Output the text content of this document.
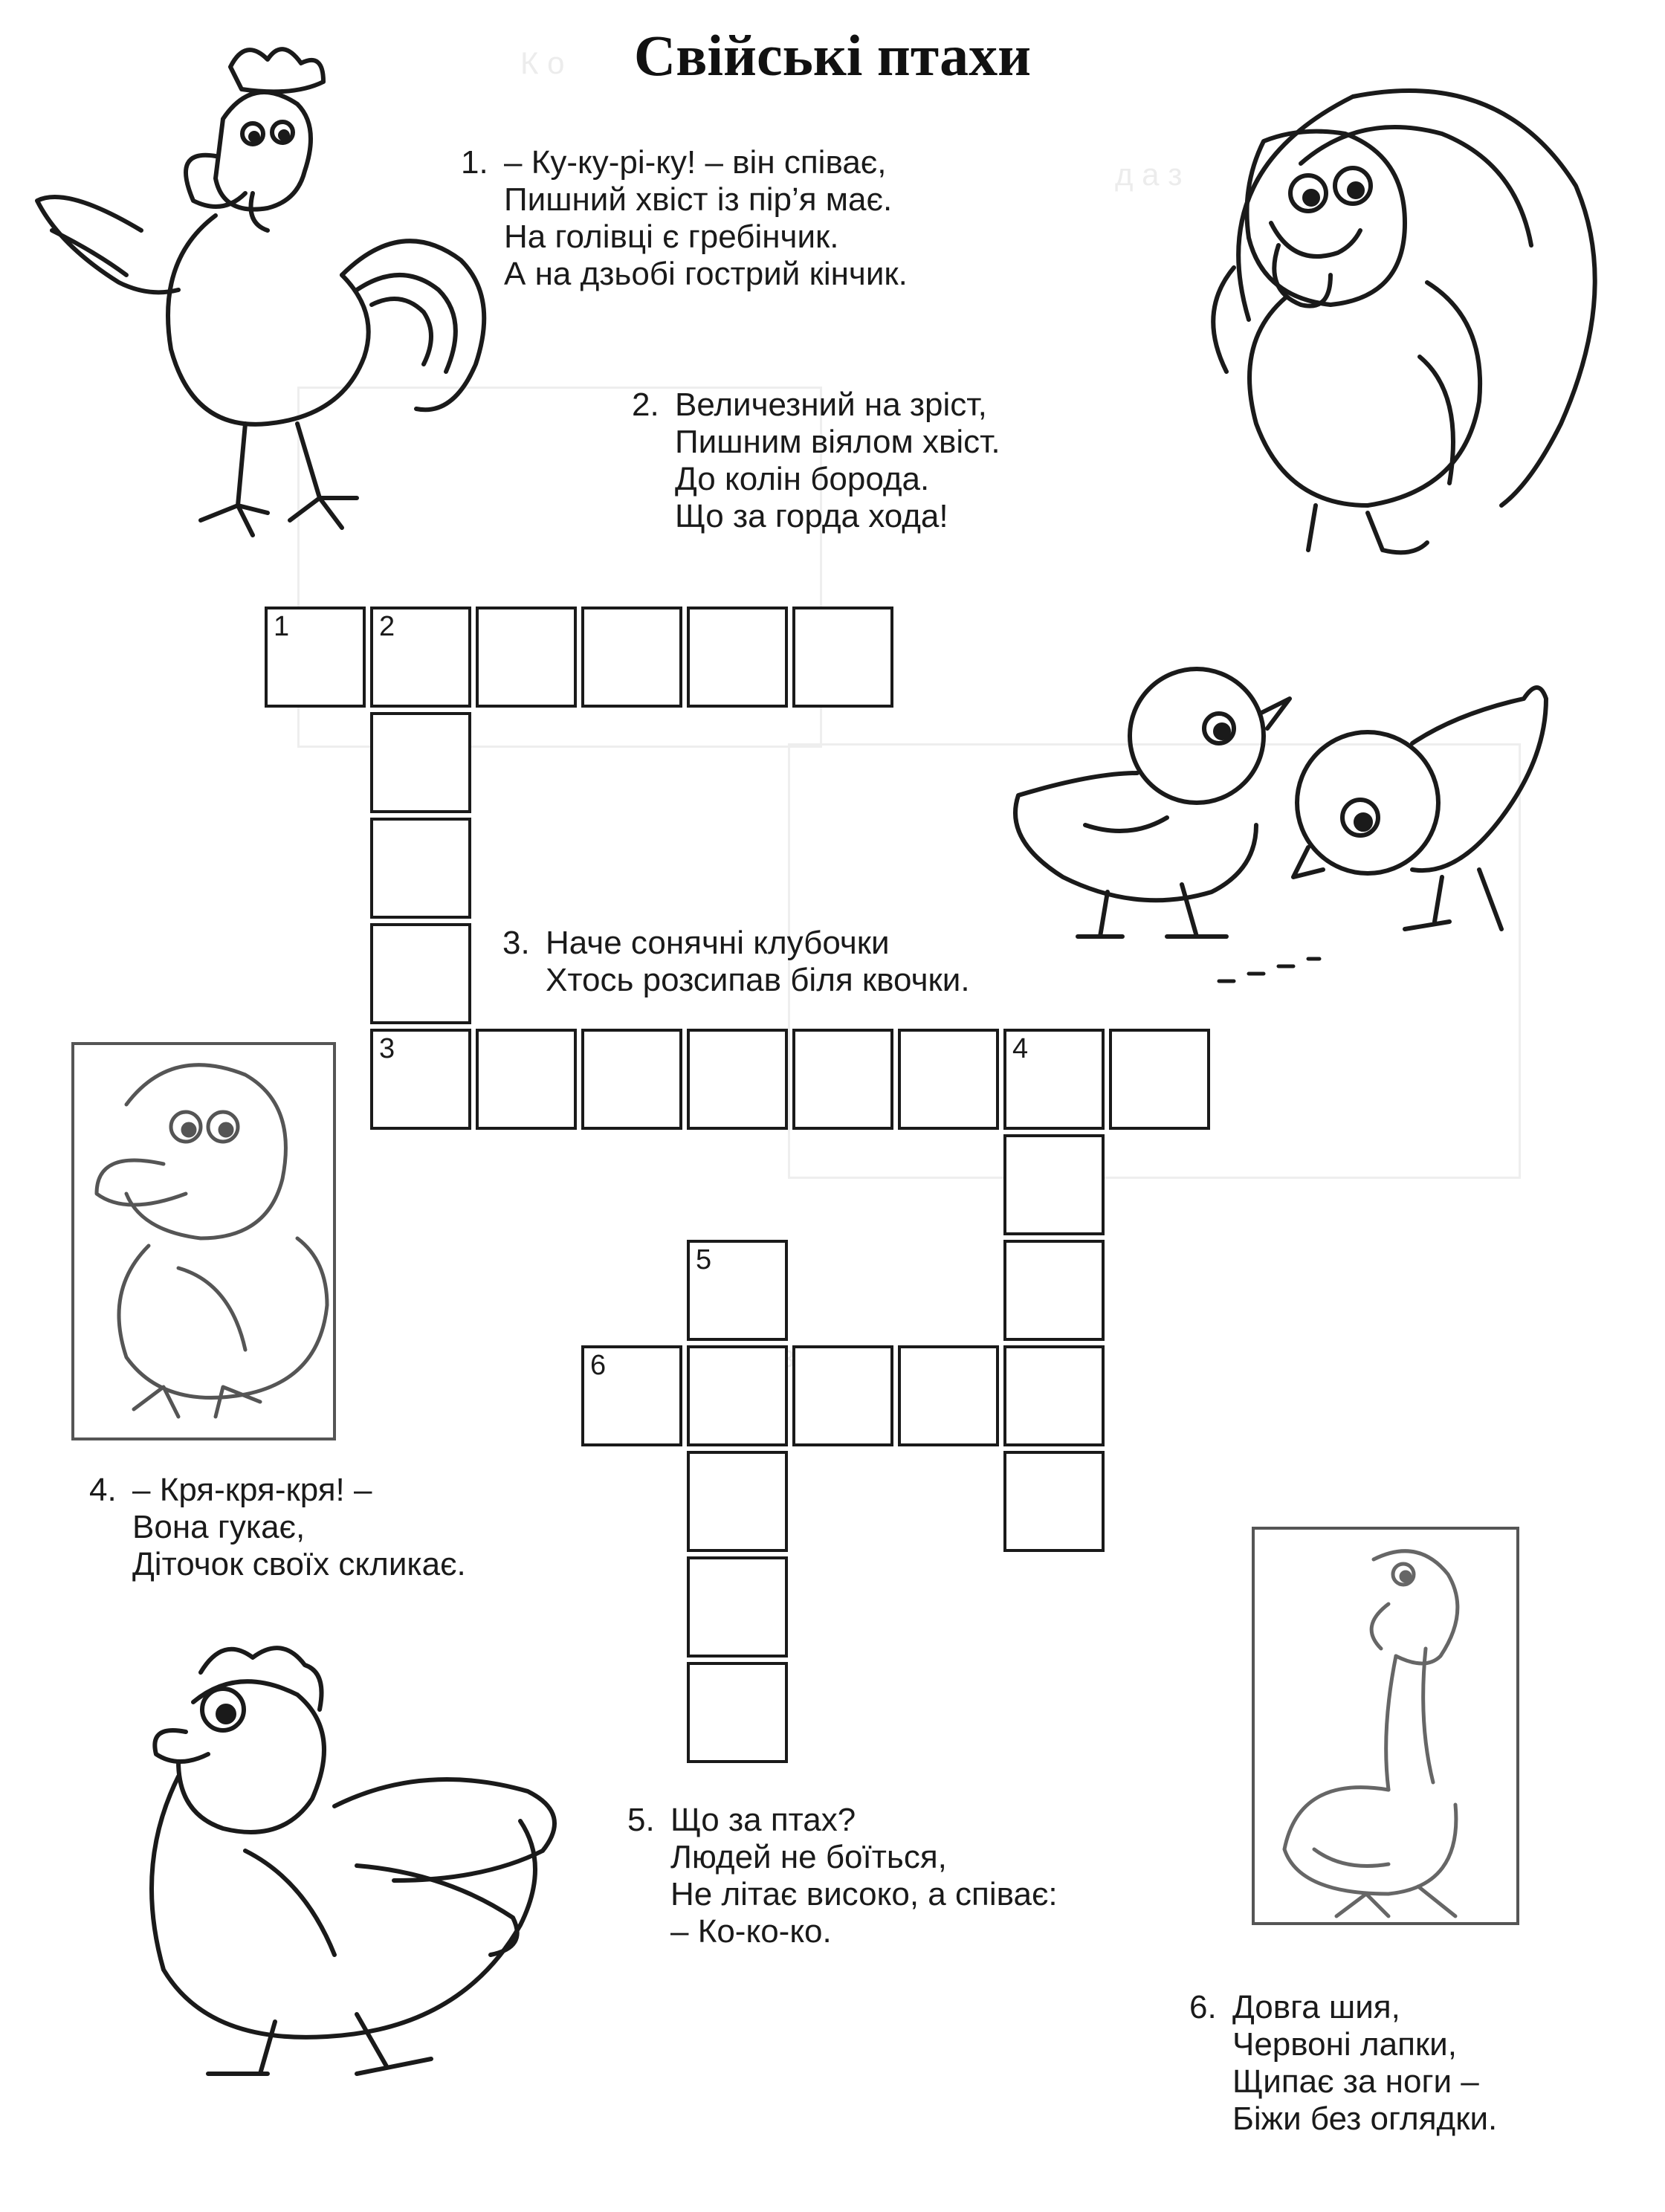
К о
д а з
Свійські птахи
1. – Ку-ку-рі-ку! – він співає,
Пишний хвіст із пір’я має.
На голівці є гребінчик.
А на дзьобі гострий кінчик.
2. Величезний на зріст,
Пишним віялом хвіст.
До колін борода.
Що за горда хода!
3. Наче сонячні клубочки
Хтось розсипав біля квочки.
4. – Кря-кря-кря! –
Вона гукає,
Діточок своїх скликає.
5. Що за птах?
Людей не боїться,
Не літає високо, а співає:
– Ко-ко-ко.
6. Довга шия,
Червоні лапки,
Щипає за ноги –
Біжи без оглядки.
1	2
3	4
5
6
